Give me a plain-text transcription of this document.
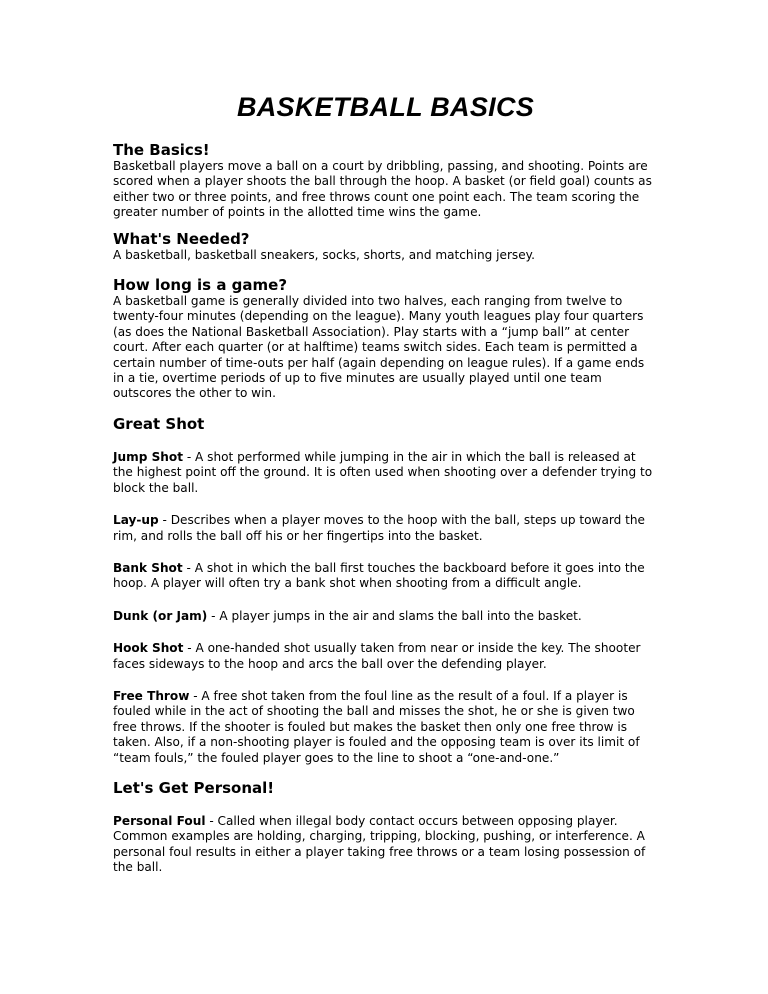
BASKETBALL BASICS
The Basics!

Basketball players move a ball on a court by dribbling, passing, and shooting. Points are scored when a player shoots the ball through the hoop. A basket (or field goal) counts as either two or three points, and free throws count one point each. The team scoring the greater number of points in the allotted time wins the game.

What's Needed?

A basketball, basketball sneakers, socks, shorts, and matching jersey.

How long is a game?

A basketball game is generally divided into two halves, each ranging from twelve to twenty-four minutes (depending on the league). Many youth leagues play four quarters (as does the National Basketball Association). Play starts with a “jump ball” at center court. After each quarter (or at halftime) teams switch sides. Each team is permitted a certain number of time-outs per half (again depending on league rules). If a game ends in a tie, overtime periods of up to five minutes are usually played until one team outscores the other to win.

Great Shot

Jump Shot - A shot performed while jumping in the air in which the ball is released at the highest point off the ground. It is often used when shooting over a defender trying to block the ball.

Lay-up - Describes when a player moves to the hoop with the ball, steps up toward the rim, and rolls the ball off his or her fingertips into the basket.

Bank Shot - A shot in which the ball first touches the backboard before it goes into the hoop. A player will often try a bank shot when shooting from a difficult angle.

Dunk (or Jam) - A player jumps in the air and slams the ball into the basket.

Hook Shot - A one-handed shot usually taken from near or inside the key. The shooter faces sideways to the hoop and arcs the ball over the defending player.

Free Throw - A free shot taken from the foul line as the result of a foul. If a player is fouled while in the act of shooting the ball and misses the shot, he or she is given two free throws. If the shooter is fouled but makes the basket then only one free throw is taken. Also, if a non-shooting player is fouled and the opposing team is over its limit of “team fouls,” the fouled player goes to the line to shoot a “one-and-one.”

Let's Get Personal!

Personal Foul - Called when illegal body contact occurs between opposing player. Common examples are holding, charging, tripping, blocking, pushing, or interference. A personal foul results in either a player taking free throws or a team losing possession of the ball.
